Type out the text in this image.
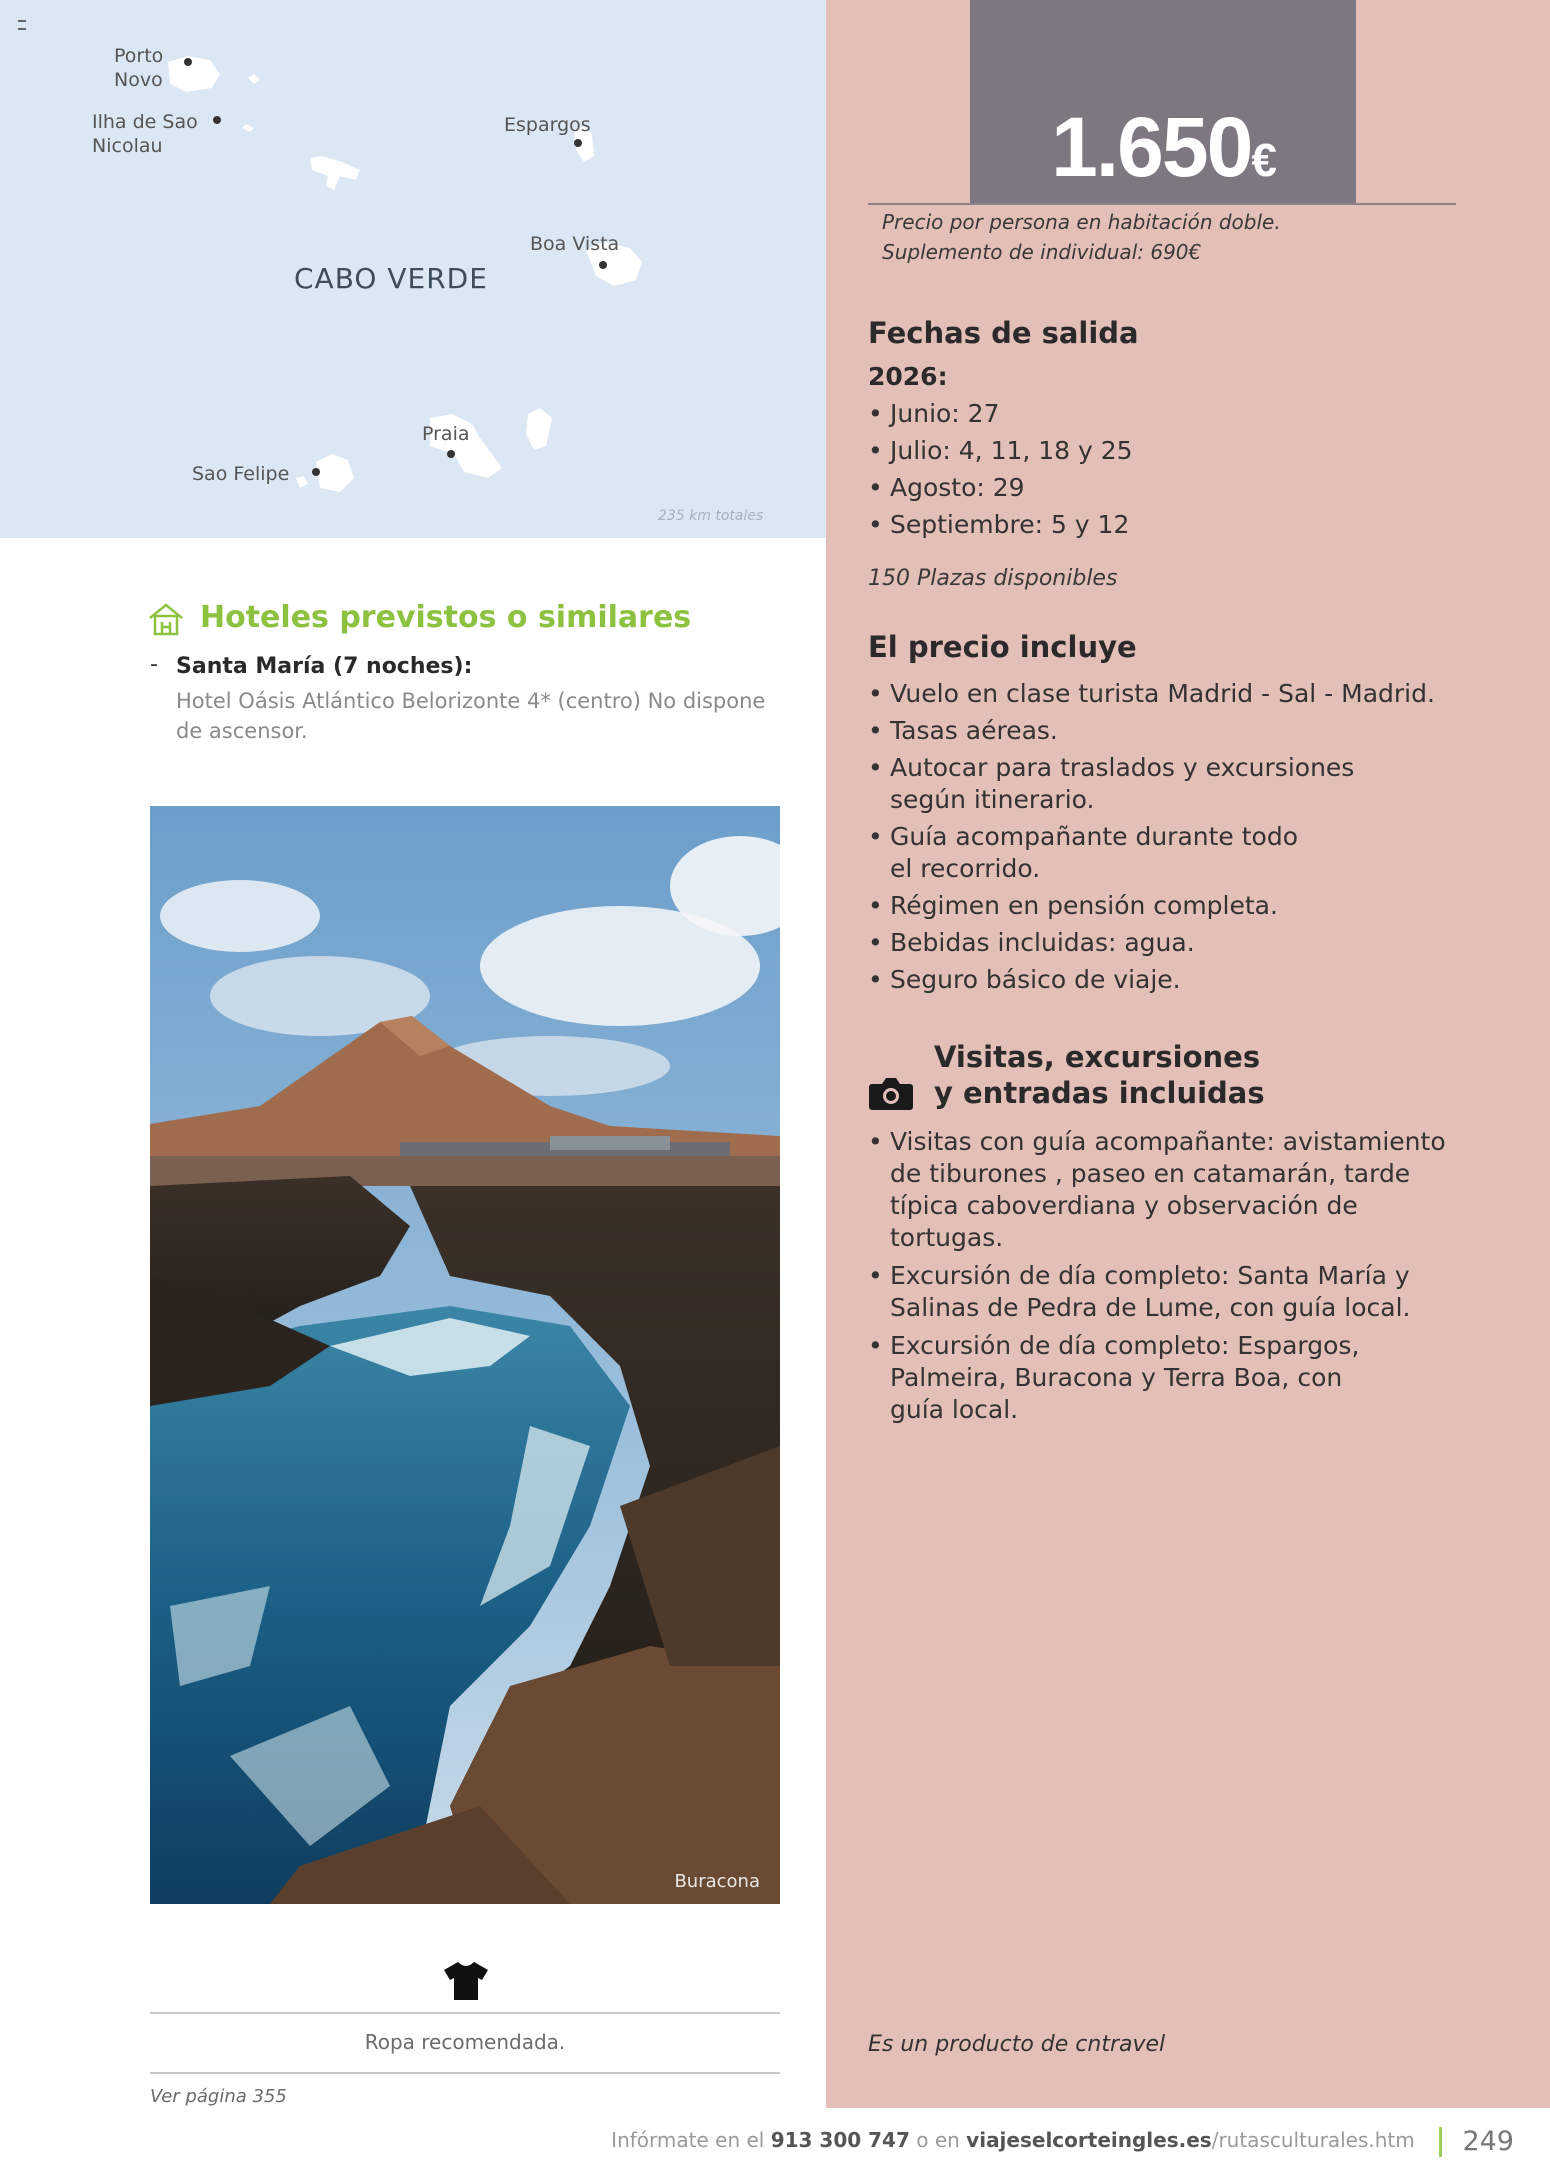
Porto
Novo
Ilha de Sao
Nicolau
Espargos
Boa Vista
Praia
Sao Felipe
CABO VERDE
235 km totales
1.650€
Precio por persona en habitación doble.
Suplemento de individual: 690€
Fechas de salida
2026:
• Junio: 27
• Julio: 4, 11, 18 y 25
• Agosto: 29
• Septiembre: 5 y 12
150 Plazas disponibles
El precio incluye
• Vuelo en clase turista Madrid - Sal - Madrid.
• Tasas aéreas.
• Autocar para traslados y excursiones según itinerario.
• Guía acompañante durante todo el recorrido.
• Régimen en pensión completa.
• Bebidas incluidas: agua.
• Seguro básico de viaje.
Visitas, excursiones
y entradas incluidas
• Visitas con guía acompañante: avistamiento de tiburones , paseo en catamarán, tarde típica caboverdiana y observación de tortugas.
• Excursión de día completo: Santa María y Salinas de Pedra de Lume, con guía local.
• Excursión de día completo: Espargos, Palmeira, Buracona y Terra Boa, con guía local.
Es un producto de cntravel
Hoteles previstos o similares
- Santa María (7 noches):
Hotel Oásis Atlántico Belorizonte 4* (centro) No dispone de ascensor.
Buracona
Ropa recomendada.
Ver página 355
Infórmate en el 913 300 747 o en viajeselcorteingles.es/rutasculturales.htm 249
